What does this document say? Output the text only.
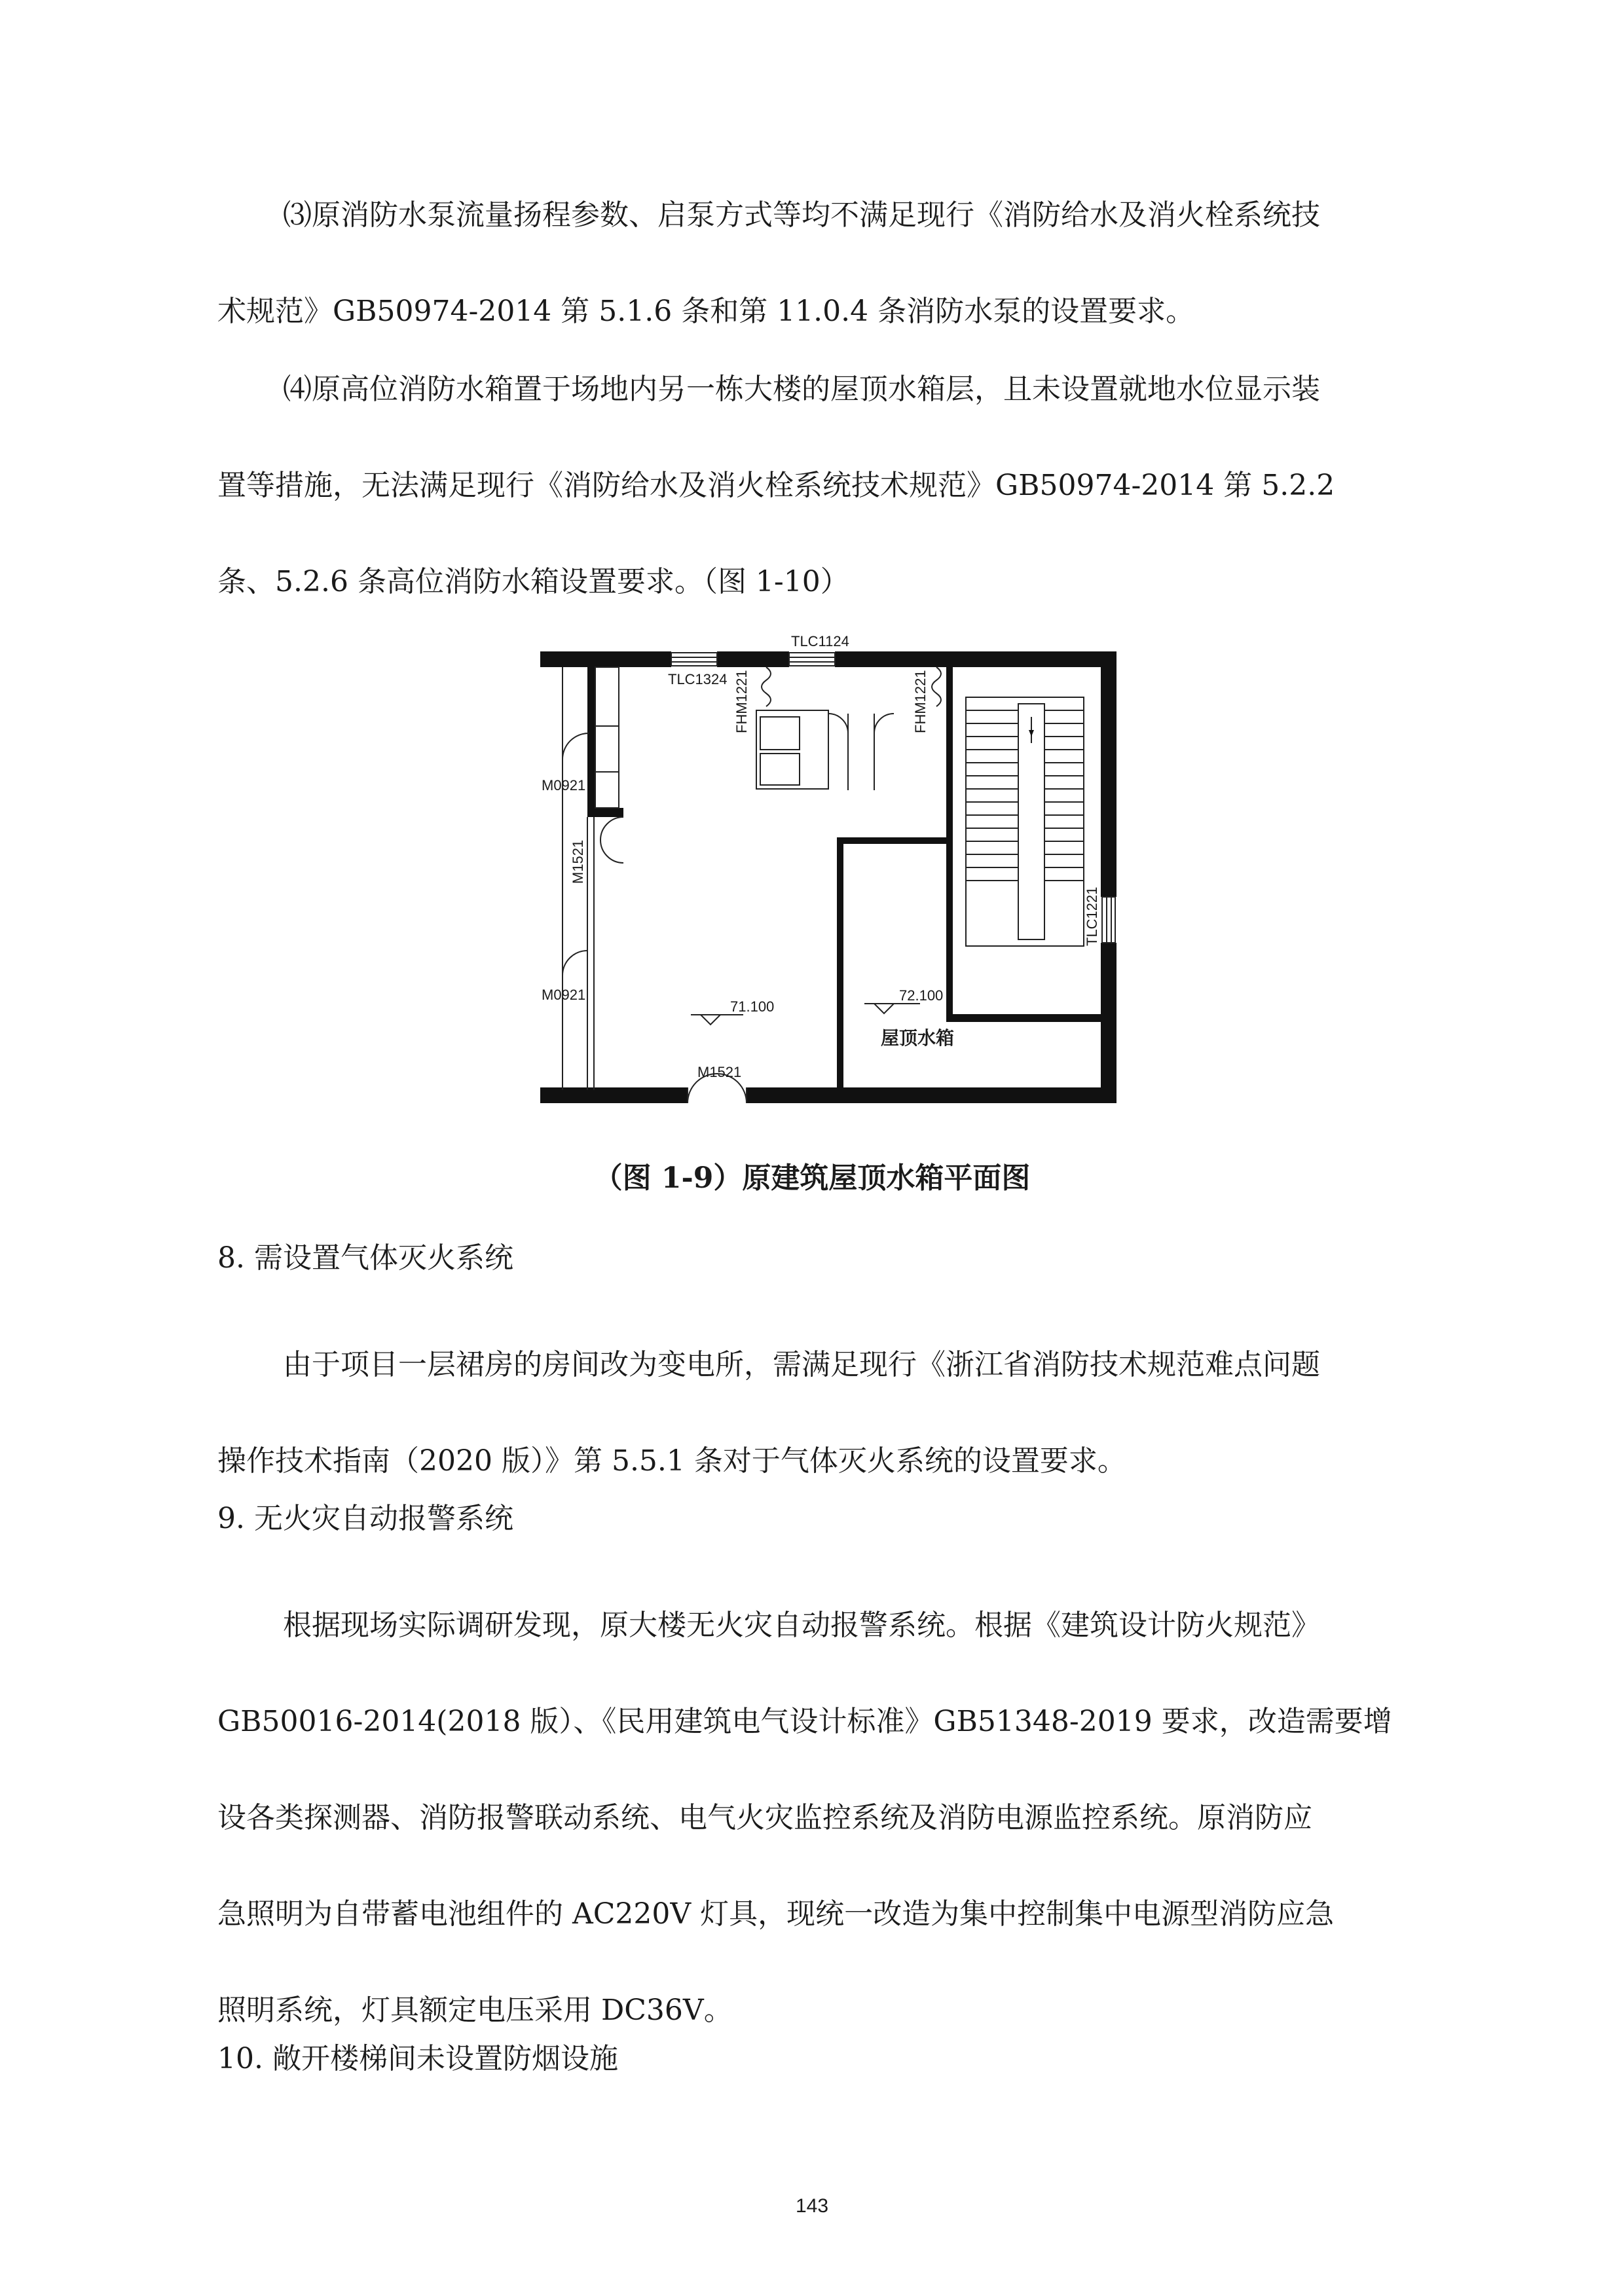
⑶原消防水泵流量扬程参数、启泵方式等均不满足现行《消防给水及消火栓系统技
术规范》GB50974-2014 第 5.1.6 条和第 11.0.4 条消防水泵的设置要求。
⑷原高位消防水箱置于场地内另一栋大楼的屋顶水箱层，且未设置就地水位显示装
置等措施，无法满足现行《消防给水及消火栓系统技术规范》GB50974-2014 第 5.2.2
条、5.2.6 条高位消防水箱设置要求。（图 1-10）
TLC1124
TLC1324 FHM1221	FHM1221
M0921
M1521
M0921
TLC1221
71.100
72.100
M1521
屋顶水箱

（图 1-9）原建筑屋顶水箱平面图

8. 需设置气体灭火系统

由于项目一层裙房的房间改为变电所，需满足现行《浙江省消防技术规范难点问题
操作技术指南（2020 版）》第 5.5.1 条对于气体灭火系统的设置要求。

9. 无火灾自动报警系统

根据现场实际调研发现，原大楼无火灾自动报警系统。根据《建筑设计防火规范》
GB50016-2014(2018 版）、《民用建筑电气设计标准》GB51348-2019 要求，改造需要增
设各类探测器、消防报警联动系统、电气火灾监控系统及消防电源监控系统。原消防应
急照明为自带蓄电池组件的 AC220V 灯具，现统一改造为集中控制集中电源型消防应急
照明系统，灯具额定电压采用 DC36V。

10. 敞开楼梯间未设置防烟设施

143
